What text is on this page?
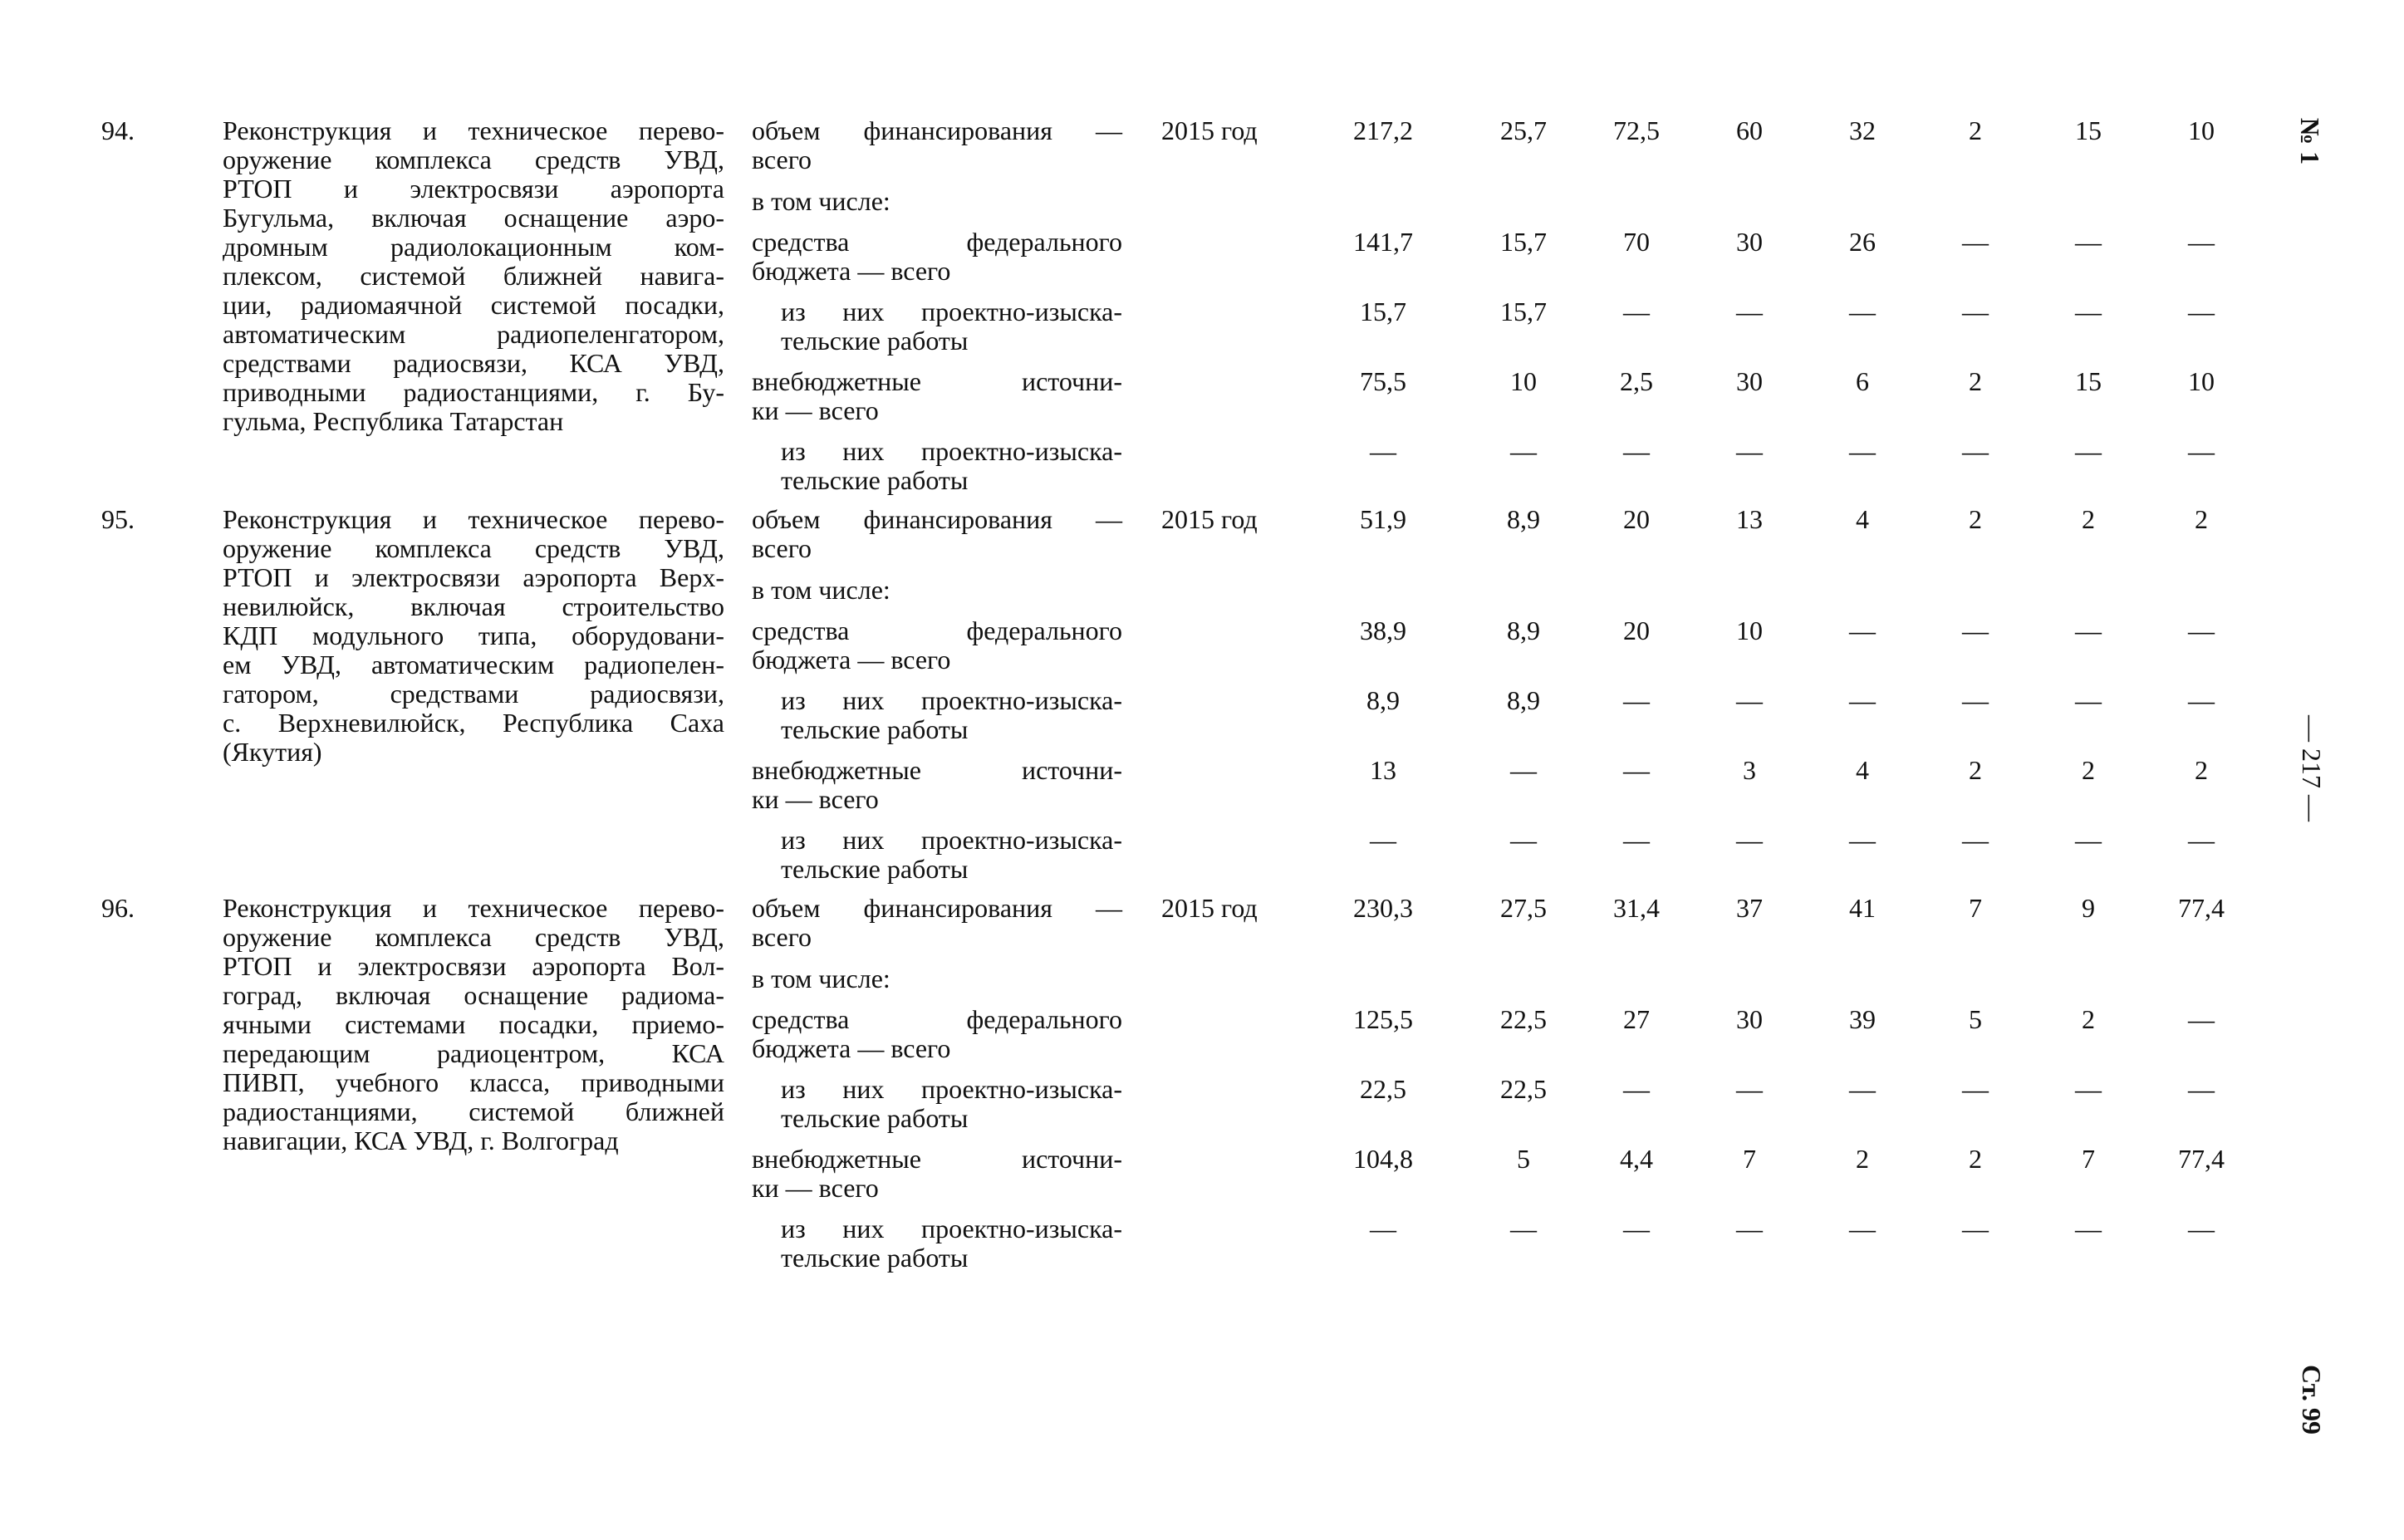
94.	Реконструкция и техническое перево-
оружение комплекса средств УВД,
РТОП и электросвязи аэропорта
Бугульма, включая оснащение аэро-
дромным радиолокационным ком-
плексом, системой ближней навига-
ции, радиомаячной системой посадки,
автоматическим радиопеленгатором,
средствами радиосвязи, КСА УВД,
приводными радиостанциями, г. Бу-
гульма, Республика Татарстан
объем финансирования —
всего
2015 год	217,2	25,7	72,5	60	32	2	15	10
в том числе:
средства федерального
бюджета — всего
141,7	15,7	70	30	26	—	—	—
из них проектно-изыска-
тельские работы
15,7	15,7	—	—	—	—	—	—
внебюджетные источни-
ки — всего
75,5	10	2,5	30	6	2	15	10
из них проектно-изыска-
тельские работы
—	—	—	—	—	—	—	—
95.	Реконструкция и техническое перево-
оружение комплекса средств УВД,
РТОП и электросвязи аэропорта Верх-
невилюйск, включая строительство
КДП модульного типа, оборудовани-
ем УВД, автоматическим радиопелен-
гатором, средствами радиосвязи,
с. Верхневилюйск, Республика Саха
(Якутия)
объем финансирования —
всего
2015 год	51,9	8,9	20	13	4	2	2	2
в том числе:
средства федерального
бюджета — всего
38,9	8,9	20	10	—	—	—	—
из них проектно-изыска-
тельские работы
8,9	8,9	—	—	—	—	—	—
внебюджетные источни-
ки — всего
13	—	—	3	4	2	2	2
из них проектно-изыска-
тельские работы
—	—	—	—	—	—	—	—
96.	Реконструкция и техническое перево-
оружение комплекса средств УВД,
РТОП и электросвязи аэропорта Вол-
гоград, включая оснащение радиома-
ячными системами посадки, приемо-
передающим радиоцентром, КСА
ПИВП, учебного класса, приводными
радиостанциями, системой ближней
навигации, КСА УВД, г. Волгоград
объем финансирования —
всего
2015 год	230,3	27,5	31,4	37	41	7	9	77,4
в том числе:
средства федерального
бюджета — всего
125,5	22,5	27	30	39	5	2	—
из них проектно-изыска-
тельские работы
22,5	22,5	—	—	—	—	—	—
внебюджетные источни-
ки — всего
104,8	5	4,4	7	2	2	7	77,4
из них проектно-изыска-
тельские работы
—	—	—	—	—	—	—	—
№ 1
— 217 —
Ст. 99
